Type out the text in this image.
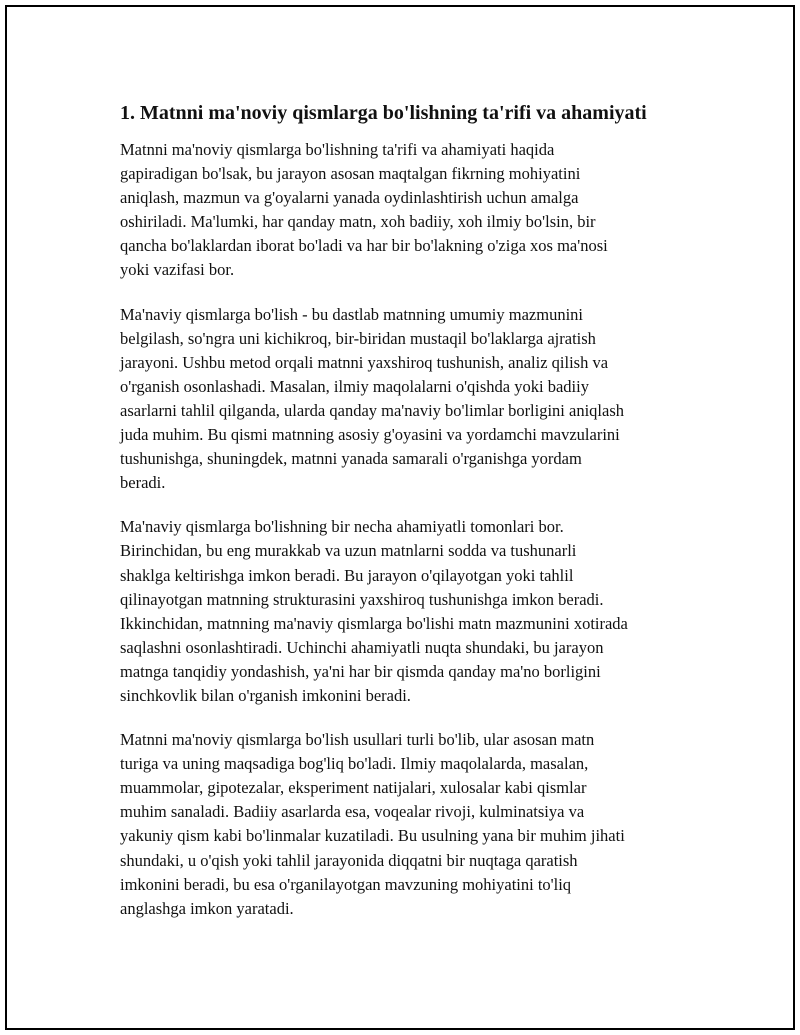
1. Matnni ma'noviy qismlarga bo'lishning ta'rifi va ahamiyati

Matnni ma'noviy qismlarga bo'lishning ta'rifi va ahamiyati haqida
gapiradigan bo'lsak, bu jarayon asosan maqtalgan fikrning mohiyatini
aniqlash, mazmun va g'oyalarni yanada oydinlashtirish uchun amalga
oshiriladi. Ma'lumki, har qanday matn, xoh badiiy, xoh ilmiy bo'lsin, bir
qancha bo'laklardan iborat bo'ladi va har bir bo'lakning o'ziga xos ma'nosi
yoki vazifasi bor.

Ma'naviy qismlarga bo'lish - bu dastlab matnning umumiy mazmunini
belgilash, so'ngra uni kichikroq, bir-biridan mustaqil bo'laklarga ajratish
jarayoni. Ushbu metod orqali matnni yaxshiroq tushunish, analiz qilish va
o'rganish osonlashadi. Masalan, ilmiy maqolalarni o'qishda yoki badiiy
asarlarni tahlil qilganda, ularda qanday ma'naviy bo'limlar borligini aniqlash
juda muhim. Bu qismi matnning asosiy g'oyasini va yordamchi mavzularini
tushunishga, shuningdek, matnni yanada samarali o'rganishga yordam
beradi.

Ma'naviy qismlarga bo'lishning bir necha ahamiyatli tomonlari bor.
Birinchidan, bu eng murakkab va uzun matnlarni sodda va tushunarli
shaklga keltirishga imkon beradi. Bu jarayon o'qilayotgan yoki tahlil
qilinayotgan matnning strukturasini yaxshiroq tushunishga imkon beradi.
Ikkinchidan, matnning ma'naviy qismlarga bo'lishi matn mazmunini xotirada
saqlashni osonlashtiradi. Uchinchi ahamiyatli nuqta shundaki, bu jarayon
matnga tanqidiy yondashish, ya'ni har bir qismda qanday ma'no borligini
sinchkovlik bilan o'rganish imkonini beradi.

Matnni ma'noviy qismlarga bo'lish usullari turli bo'lib, ular asosan matn
turiga va uning maqsadiga bog'liq bo'ladi. Ilmiy maqolalarda, masalan,
muammolar, gipotezalar, eksperiment natijalari, xulosalar kabi qismlar
muhim sanaladi. Badiiy asarlarda esa, voqealar rivoji, kulminatsiya va
yakuniy qism kabi bo'linmalar kuzatiladi. Bu usulning yana bir muhim jihati
shundaki, u o'qish yoki tahlil jarayonida diqqatni bir nuqtaga qaratish
imkonini beradi, bu esa o'rganilayotgan mavzuning mohiyatini to'liq
anglashga imkon yaratadi.
